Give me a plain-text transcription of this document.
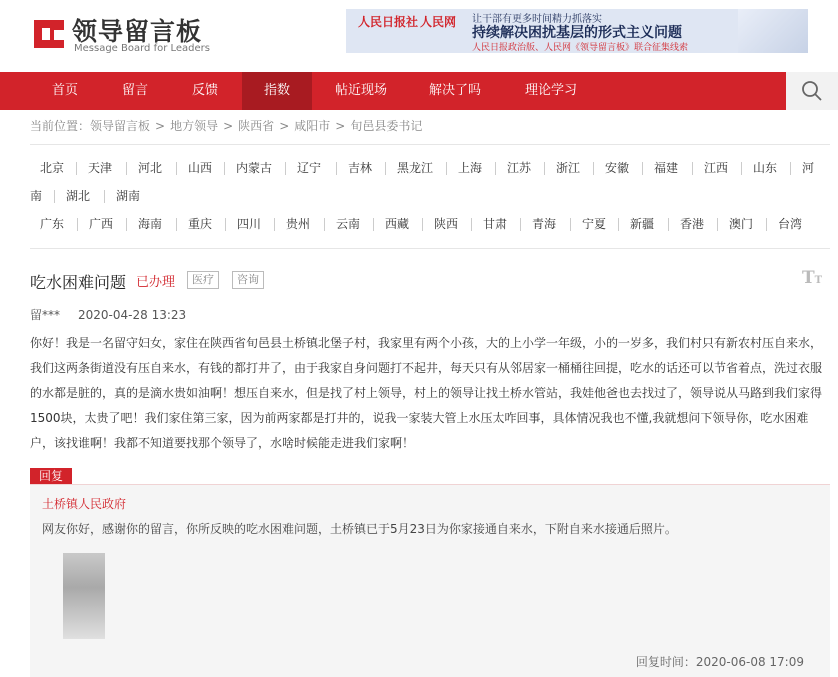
领导留言板
Message Board for Leaders
人民日报社 人民网 让干部有更多时间精力抓落实
持续解决困扰基层的形式主义问题
人民日报政治版、人民网《领导留言板》联合征集线索
首页	留言	反馈	指数	帖近现场	解决了吗	理论学习
当前位置：领导留言板 > 地方领导 > 陕西省 > 咸阳市 > 旬邑县委书记
北京 天津 河北 山西 内蒙古 辽宁 吉林 黑龙江 上海 江苏 浙江 安徽 福建 江西 山东 河
南 湖北 湖南
广东 广西 海南 重庆 四川 贵州 云南 西藏 陕西 甘肃 青海 宁夏 新疆 香港 澳门 台湾
吃水困难问题 已办理	医疗	咨询	TT
留*** 2020-04-28 13:23
你好！我是一名留守妇女，家住在陕西省旬邑县土桥镇北堡子村，我家里有两个小孩，大的上小学一年级，小的一岁多，我们村只有新农村压自来水，我们这两条街道没有压自来水，有钱的都打井了，由于我家自身问题打不起井，每天只有从邻居家一桶桶往回提，吃水的话还可以节省着点，洗过衣服的水都是脏的，真的是滴水贵如油啊！想压自来水，但是找了村上领导，村上的领导让找土桥水管站，我娃他爸也去找过了，领导说从马路到我们家得1500块，太贵了吧！我们家住第三家，因为前两家都是打井的，说我一家装大管上水压太咋回事，具体情况我也不懂,我就想问下领导你，吃水困难户，该找谁啊！我都不知道要找那个领导了，水啥时候能走进我们家啊！
回复
土桥镇人民政府
网友你好，感谢你的留言，你所反映的吃水困难问题，土桥镇已于5月23日为你家接通自来水，下附自来水接通后照片。
回复时间：2020-06-08 17:09
